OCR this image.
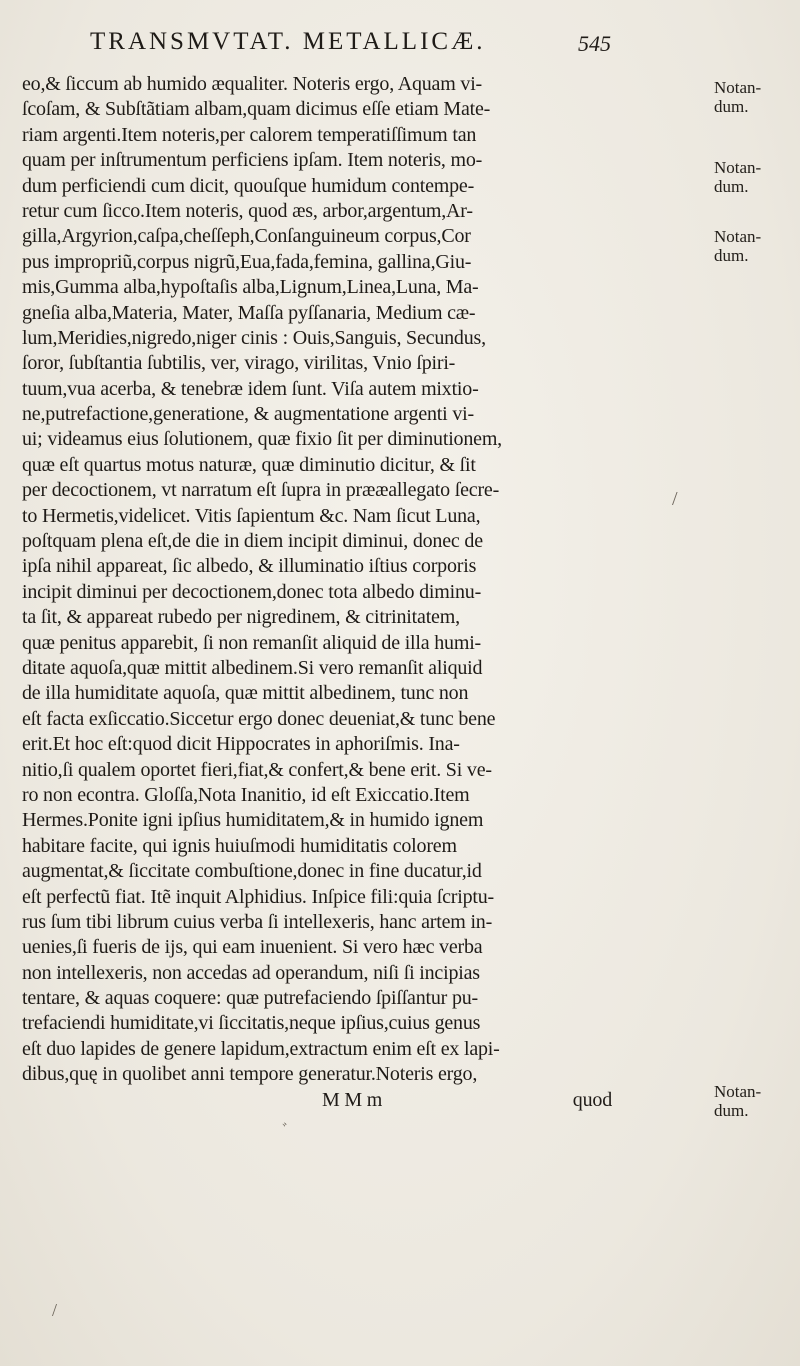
TRANSMVTAT. METALLICÆ.	545
eo,& ſiccum ab humido æqualiter. Noteris ergo, Aquam vi-
ſcoſam, & Subſtãtiam albam,quam dicimus eſſe etiam Mate-
riam argenti.Item noteris,per calorem temperatiſſimum tan
quam per inſtrumentum perficiens ipſam. Item noteris, mo-
dum perficiendi cum dicit, quouſque humidum contempe-
retur cum ſicco.Item noteris, quod æs, arbor,argentum,Ar-
gilla,Argyrion,caſpa,cheſſeph,Conſanguineum corpus,Cor
pus impropriũ,corpus nigrũ,Eua,fada,femina, gallina,Giu-
mis,Gumma alba,hypoſtaſis alba,Lignum,Linea,Luna, Ma-
gneſia alba,Materia, Mater, Maſſa pyſſanaria, Medium cæ-
lum,Meridies,nigredo,niger cinis : Ouis,Sanguis, Secundus,
ſoror, ſubſtantia ſubtilis, ver, virago, virilitas, Vnio ſpiri-
tuum,vua acerba, & tenebræ idem ſunt. Viſa autem mixtio-
ne,putrefactione,generatione, & augmentatione argenti vi-
ui; videamus eius ſolutionem, quæ fixio ſit per diminutionem,
quæ eſt quartus motus naturæ, quæ diminutio dicitur, & ſit
per decoctionem, vt narratum eſt ſupra in prææallegato ſecre-
to Hermetis,videlicet. Vitis ſapientum &c. Nam ſicut Luna,
poſtquam plena eſt,de die in diem incipit diminui, donec de
ipſa nihil appareat, ſic albedo, & illuminatio iſtius corporis
incipit diminui per decoctionem,donec tota albedo diminu-
ta ſit, & appareat rubedo per nigredinem, & citrinitatem,
quæ penitus apparebit, ſi non remanſit aliquid de illa humi-
ditate aquoſa,quæ mittit albedinem.Si vero remanſit aliquid
de illa humiditate aquoſa, quæ mittit albedinem, tunc non
eſt facta exſiccatio.Siccetur ergo donec deueniat,& tunc bene
erit.Et hoc eſt:quod dicit Hippocrates in aphoriſmis. Ina-
nitio,ſi qualem oportet fieri,fiat,& confert,& bene erit. Si ve-
ro non econtra. Gloſſa,Nota Inanitio, id eſt Exiccatio.Item
Hermes.Ponite igni ipſius humiditatem,& in humido ignem
habitare facite, qui ignis huiuſmodi humiditatis colorem
augmentat,& ſiccitate combuſtione,donec in fine ducatur,id
eſt perfectũ fiat. Itẽ inquit Alphidius. Inſpice fili:quia ſcriptu-
rus ſum tibi librum cuius verba ſi intellexeris, hanc artem in-
uenies,ſi fueris de ijs, qui eam inuenient. Si vero hæc verba
non intellexeris, non accedas ad operandum, niſi ſi incipias
tentare, & aquas coquere: quæ putrefaciendo ſpiſſantur pu-
trefaciendi humiditate,vi ſiccitatis,neque ipſius,cuius genus
eſt duo lapides de genere lapidum,extractum enim eſt ex lapi-
dibus,quę in quolibet anni tempore generatur.Noteris ergo,
M M m	quod
Notan-
dum.
Notan-
dum.
Notan-
dum.
Notan-
dum.
/
ﾞ
/
